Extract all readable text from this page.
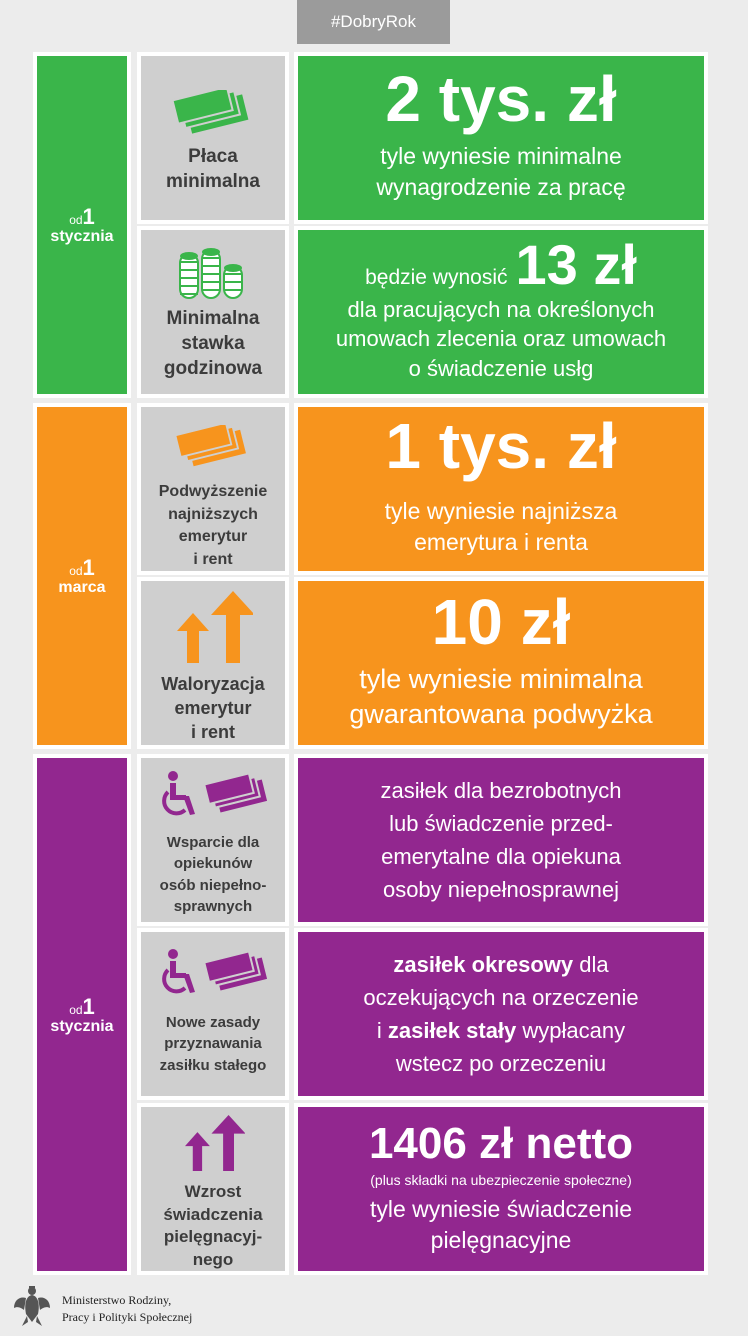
#DobryRok
od1
stycznia
od1
marca
od1
stycznia
Płaca
minimalna
2 tys. zł
tyle wyniesie minimalne
wynagrodzenie za pracę
Minimalna
stawka
godzinowa
będzie wynosić 13 zł
dla pracujących na określonych
umowach zlecenia oraz umowach
o świadczenie usłg
Podwyższenie
najniższych
emerytur
i rent
1 tys. zł
tyle wyniesie najniższa
emerytura i renta
Waloryzacja
emerytur
i rent
10 zł
tyle wyniesie minimalna
gwarantowana podwyżka
Wsparcie dla
opiekunów
osób niepełno-
sprawnych
zasiłek dla bezrobotnych
lub świadczenie przed-
emerytalne dla opiekuna
osoby niepełnosprawnej
Nowe zasady
przyznawania
zasiłku stałego
zasiłek okresowy dla
oczekujących na orzeczenie
i zasiłek stały wypłacany
wstecz po orzeczeniu
Wzrost
świadczenia
pielęgnacyj-
nego
1406 zł netto
(plus składki na ubezpieczenie społeczne)
tyle wyniesie świadczenie
pielęgnacyjne
Ministerstwo Rodziny,
Pracy i Polityki Społecznej
